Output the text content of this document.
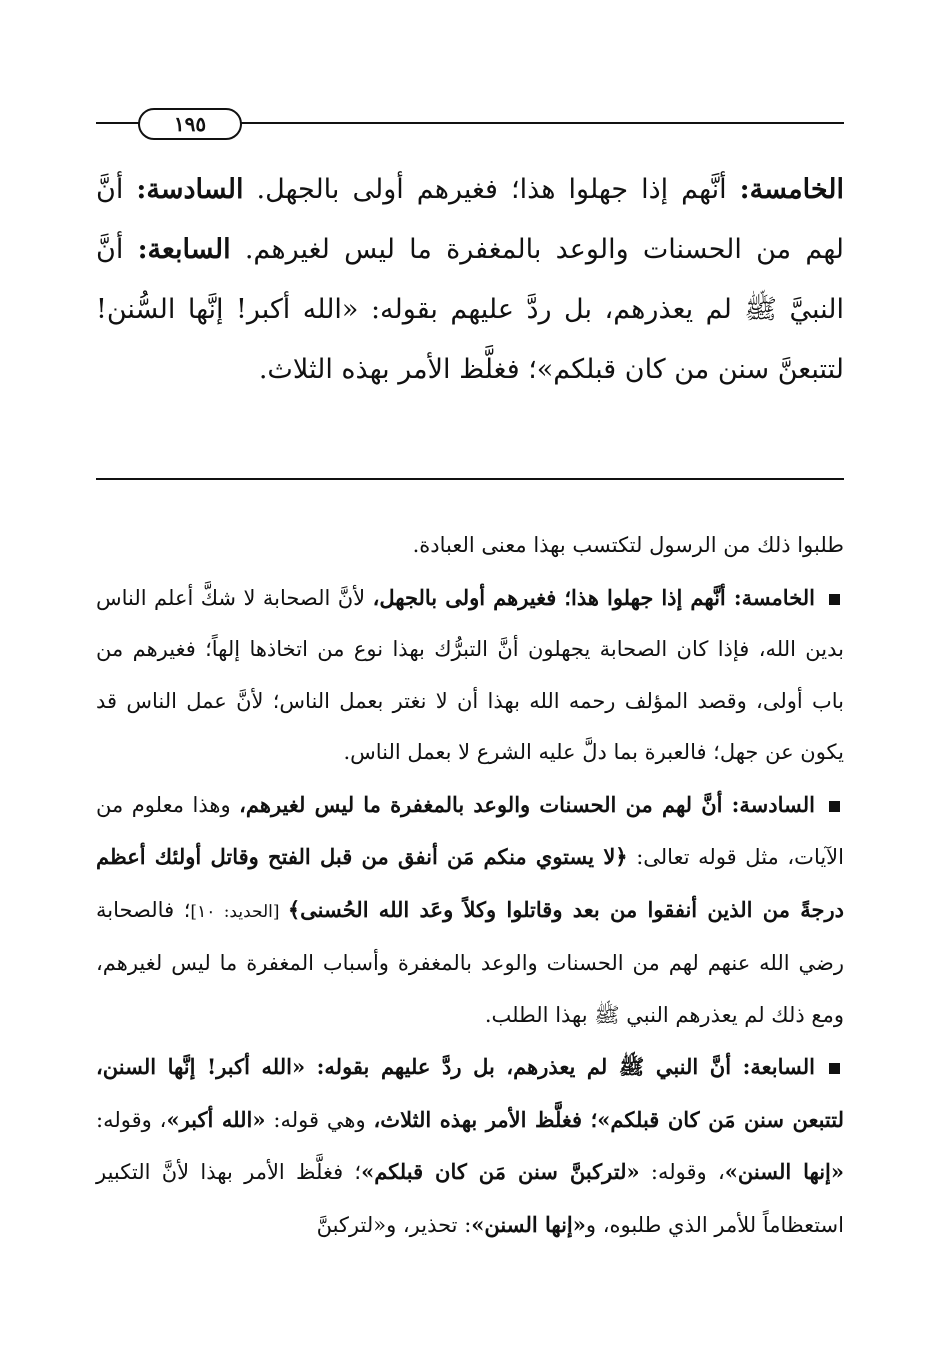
١٩٥
الخامسة: أنَّهم إذا جهلوا هذا؛ فغيرهم أولى بالجهل. السادسة: أنَّ لهم من الحسنات والوعد بالمغفرة ما ليس لغيرهم. السابعة: أنَّ النبيَّ ﷺ لم يعذرهم، بل ردَّ عليهم بقوله: «الله أكبر! إنَّها السُّنن! لتتبعنَّ سنن من كان قبلكم»؛ فغلَّظ الأمر بهذه الثلاث.

طلبوا ذلك من الرسول لتكتسب بهذا معنى العبادة.

الخامسة: أنَّهم إذا جهلوا هذا؛ فغيرهم أولى بالجهل، لأنَّ الصحابة لا شكَّ أعلم الناس بدين الله، فإذا كان الصحابة يجهلون أنَّ التبرُّك بهذا نوع من اتخاذها إلهاً؛ فغيرهم من باب أولى، وقصد المؤلف رحمه الله بهذا أن لا نغتر بعمل الناس؛ لأنَّ عمل الناس قد يكون عن جهل؛ فالعبرة بما دلَّ عليه الشرع لا بعمل الناس.

السادسة: أنَّ لهم من الحسنات والوعد بالمغفرة ما ليس لغيرهم، وهذا معلوم من الآيات، مثل قوله تعالى: ﴿لا يستوي منكم مَن أنفق من قبل الفتح وقاتل أولئك أعظم درجةً من الذين أنفقوا من بعد وقاتلوا وكلاً وعَد الله الحُسنى﴾ [الحديد: ١٠]؛ فالصحابة رضي الله عنهم لهم من الحسنات والوعد بالمغفرة وأسباب المغفرة ما ليس لغيرهم، ومع ذلك لم يعذرهم النبي ﷺ بهذا الطلب.

السابعة: أنَّ النبي ﷺ لم يعذرهم، بل ردَّ عليهم بقوله: «الله أكبر! إنَّها السنن، لتتبعن سنن مَن كان قبلكم»؛ فغلَّظ الأمر بهذه الثلاث، وهي قوله: «الله أكبر»، وقوله: «إنها السنن»، وقوله: «لتركبنَّ سنن مَن كان قبلكم»؛ فغلَّظ الأمر بهذا لأنَّ التكبير استعظاماً للأمر الذي طلبوه، و«إنها السنن»: تحذير، و«لتركبنَّ
